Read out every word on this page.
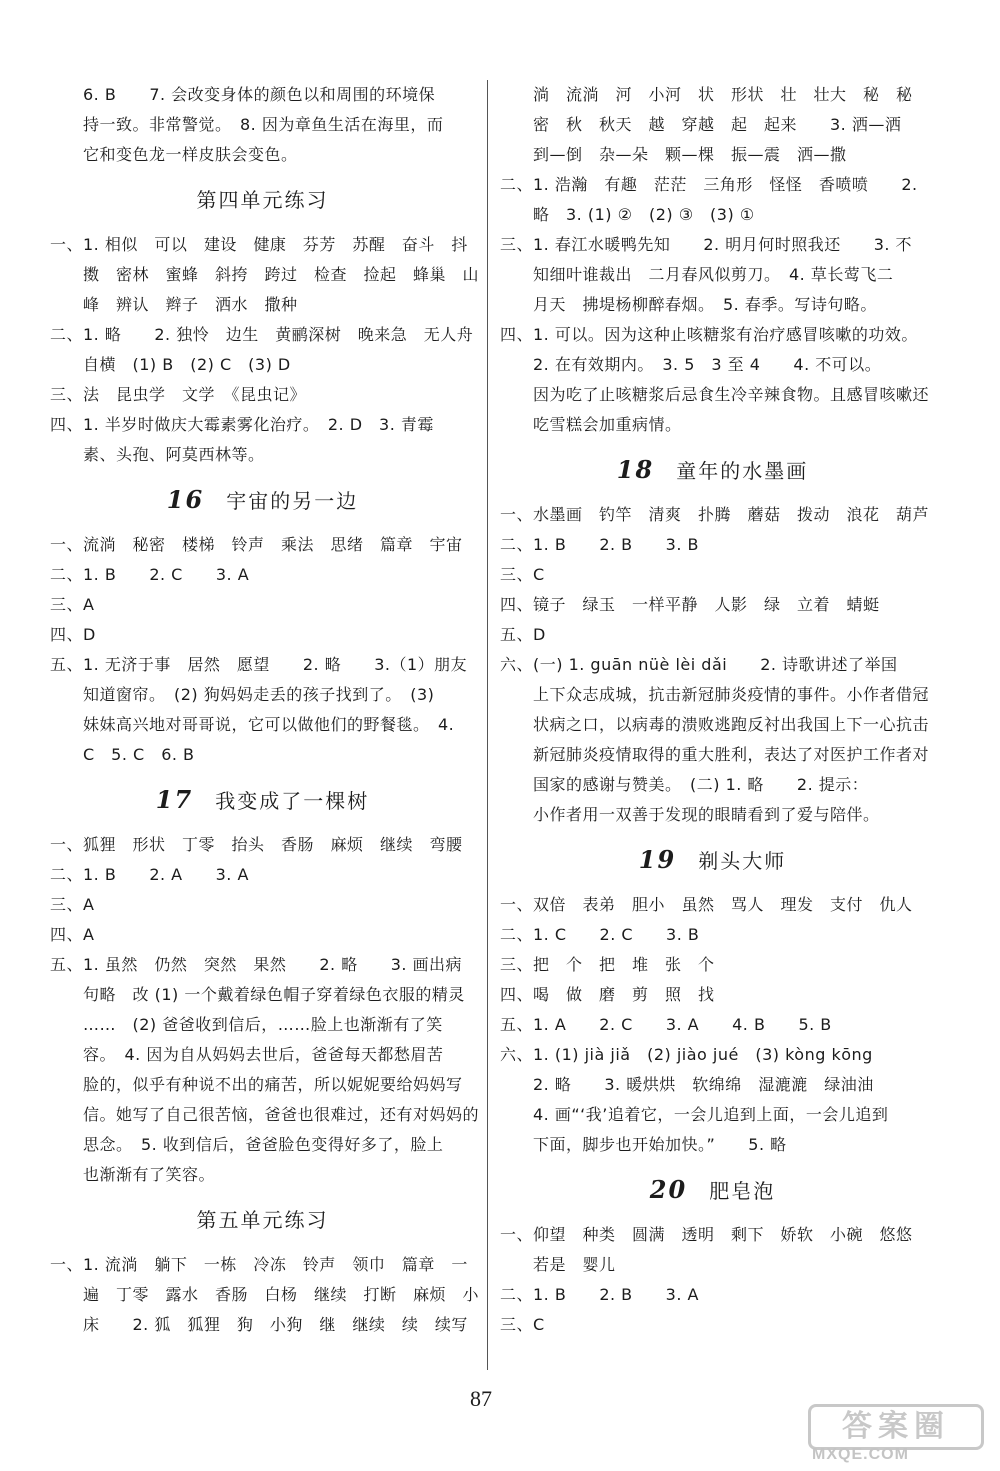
　　6. B　　7. 会改变身体的颜色以和周围的环境保
　　持一致。非常警觉。　8. 因为章鱼生活在海里，而
　　它和变色龙一样皮肤会变色。
第四单元练习
一、1. 相似　可以　建设　健康　芬芳　苏醒　奋斗　抖
　　擞　密林　蜜蜂　斜挎　跨过　检查　捡起　蜂巢　山
　　峰　辨认　辫子　洒水　撒种
二、1. 略　　2. 独怜　边生　黄鹂深树　晚来急　无人舟
　　自横　(1) B　(2) C　(3) D
三、法　昆虫学　文学　《昆虫记》
四、1. 半岁时做庆大霉素雾化治疗。　2. D　3. 青霉
　　素、头孢、阿莫西林等。
16 宇宙的另一边
一、流淌　秘密　楼梯　铃声　乘法　思绪　篇章　宇宙
二、1. B　　2. C　　3. A
三、A
四、D
五、1. 无济于事　居然　愿望　　2. 略　　3.（1）朋友
　　知道窗帘。　(2) 狗妈妈走丢的孩子找到了。　(3)
　　妹妹高兴地对哥哥说，它可以做他们的野餐毯。　4.
　　C　5. C　6. B
17 我变成了一棵树
一、狐狸　形状　丁零　抬头　香肠　麻烦　继续　弯腰
二、1. B　　2. A　　3. A
三、A
四、A
五、1. 虽然　仍然　突然　果然　　2. 略　　3. 画出病
　　句略　改 (1) 一个戴着绿色帽子穿着绿色衣服的精灵
　　……　(2) 爸爸收到信后，……脸上也渐渐有了笑
　　容。　4. 因为自从妈妈去世后，爸爸每天都愁眉苦
　　脸的，似乎有种说不出的痛苦，所以妮妮要给妈妈写
　　信。她写了自己很苦恼，爸爸也很难过，还有对妈妈的
　　思念。　5. 收到信后，爸爸脸色变得好多了，脸上
　　也渐渐有了笑容。
第五单元练习
一、1. 流淌　躺下　一栋　冷冻　铃声　领巾　篇章　一
　　遍　丁零　露水　香肠　白杨　继续　打断　麻烦　小
　　床　　2. 狐　狐狸　狗　小狗　继　继续　续　续写
　　淌　流淌　河　小河　状　形状　壮　壮大　秘　秘
　　密　秋　秋天　越　穿越　起　起来　　3. 洒—洒
　　到—倒　杂—朵　颗—棵　振—震　洒—撒
二、1. 浩瀚　有趣　茫茫　三角形　怪怪　香喷喷　　2.
　　略　3. (1) ②　(2) ③　(3) ①
三、1. 春江水暖鸭先知　　2. 明月何时照我还　　3. 不
　　知细叶谁裁出　二月春风似剪刀。　4. 草长莺飞二
　　月天　拂堤杨柳醉春烟。　5. 春季。写诗句略。
四、1. 可以。因为这种止咳糖浆有治疗感冒咳嗽的功效。
　　2. 在有效期内。　3. 5　3 至 4　　4. 不可以。
　　因为吃了止咳糖浆后忌食生冷辛辣食物。且感冒咳嗽还
　　吃雪糕会加重病情。
18 童年的水墨画
一、水墨画　钓竿　清爽　扑腾　蘑菇　拨动　浪花　葫芦
二、1. B　　2. B　　3. B
三、C
四、镜子　绿玉　一样平静　人影　绿　立着　蜻蜓
五、D
六、(一) 1. guān nüè lèi dǎi　　2. 诗歌讲述了举国
　　上下众志成城，抗击新冠肺炎疫情的事件。小作者借冠
　　状病之口，以病毒的溃败逃跑反衬出我国上下一心抗击
　　新冠肺炎疫情取得的重大胜利，表达了对医护工作者对
　　国家的感谢与赞美。　(二) 1. 略　　2. 提示：
　　小作者用一双善于发现的眼睛看到了爱与陪伴。
19 剃头大师
一、双倍　表弟　胆小　虽然　骂人　理发　支付　仇人
二、1. C　　2. C　　3. B
三、把　个　把　堆　张　个
四、喝　做　磨　剪　照　找
五、1. A　　2. C　　3. A　　4. B　　5. B
六、1. (1) jià jiǎ　(2) jiào jué　(3) kòng kōng
　　2. 略　　3. 暖烘烘　软绵绵　湿漉漉　绿油油
　　4. 画“‘我’追着它，一会儿追到上面，一会儿追到
　　下面，脚步也开始加快。”　　5. 略
20 肥皂泡
一、仰望　种类　圆满　透明　剩下　娇软　小碗　悠悠
　　若是　婴儿
二、1. B　　2. B　　3. A
三、C
87
答案圈
MXQE.COM
